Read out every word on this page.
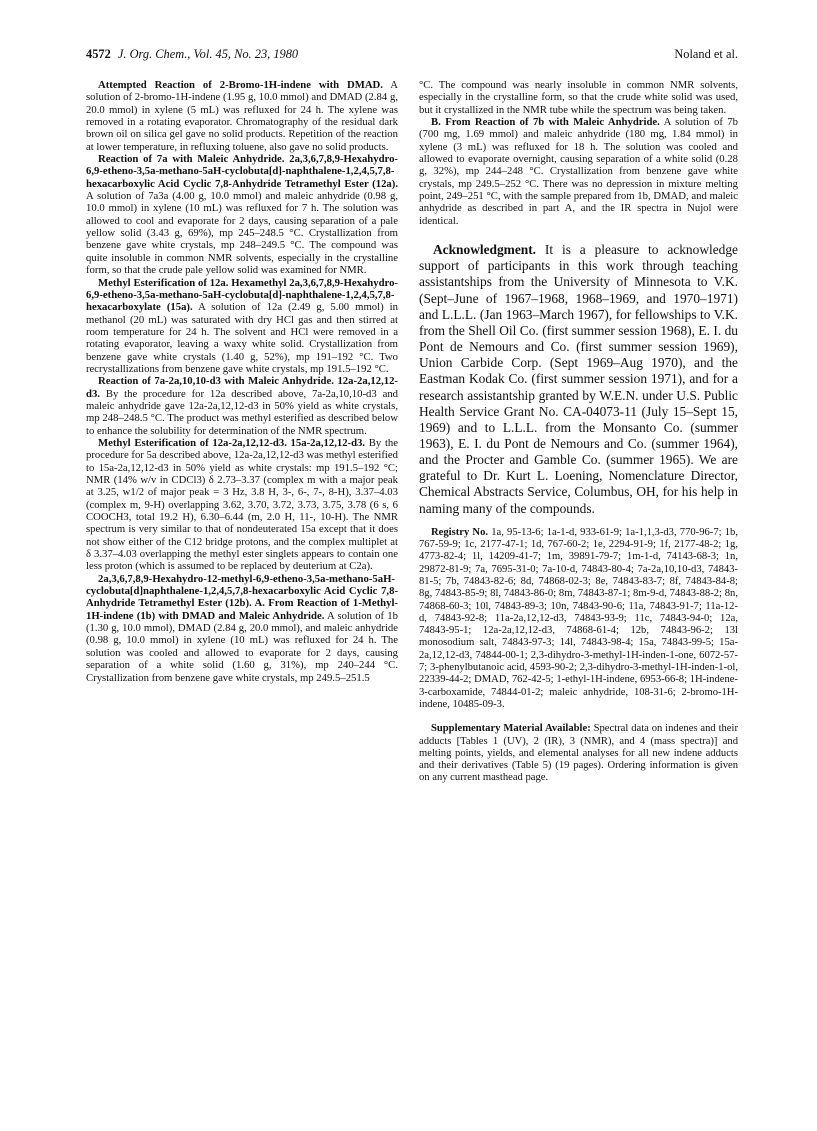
4572 J. Org. Chem., Vol. 45, No. 23, 1980	Noland et al.

Attempted Reaction of 2-Bromo-1H-indene with DMAD. A solution of 2-bromo-1H-indene (1.95 g, 10.0 mmol) and DMAD (2.84 g, 20.0 mmol) in xylene (5 mL) was refluxed for 24 h. The xylene was removed in a rotating evaporator. Chromatography of the residual dark brown oil on silica gel gave no solid products. Repetition of the reaction at lower temperature, in refluxing toluene, also gave no solid products.

Reaction of 7a with Maleic Anhydride. 2a,3,6,7,8,9-Hexahydro-6,9-etheno-3,5a-methano-5aH-cyclobuta[d]-naphthalene-1,2,4,5,7,8-hexacarboxylic Acid Cyclic 7,8-Anhydride Tetramethyl Ester (12a). A solution of 7a3a (4.00 g, 10.0 mmol) and maleic anhydride (0.98 g, 10.0 mmol) in xylene (10 mL) was refluxed for 7 h. The solution was allowed to cool and evaporate for 2 days, causing separation of a pale yellow solid (3.43 g, 69%), mp 245–248.5 °C. Crystallization from benzene gave white crystals, mp 248–249.5 °C. The compound was quite insoluble in common NMR solvents, especially in the crystalline form, so that the crude pale yellow solid was examined for NMR.

Methyl Esterification of 12a. Hexamethyl 2a,3,6,7,8,9-Hexahydro-6,9-etheno-3,5a-methano-5aH-cyclobuta[d]-naphthalene-1,2,4,5,7,8-hexacarboxylate (15a). A solution of 12a (2.49 g, 5.00 mmol) in methanol (20 mL) was saturated with dry HCl gas and then stirred at room temperature for 24 h. The solvent and HCl were removed in a rotating evaporator, leaving a waxy white solid. Crystallization from benzene gave white crystals (1.40 g, 52%), mp 191–192 °C. Two recrystallizations from benzene gave white crystals, mp 191.5–192 °C.

Reaction of 7a-2a,10,10-d3 with Maleic Anhydride. 12a-2a,12,12-d3. By the procedure for 12a described above, 7a-2a,10,10-d3 and maleic anhydride gave 12a-2a,12,12-d3 in 50% yield as white crystals, mp 248–248.5 °C. The product was methyl esterified as described below to enhance the solubility for determination of the NMR spectrum.

Methyl Esterification of 12a-2a,12,12-d3. 15a-2a,12,12-d3. By the procedure for 5a described above, 12a-2a,12,12-d3 was methyl esterified to 15a-2a,12,12-d3 in 50% yield as white crystals: mp 191.5–192 °C; NMR (14% w/v in CDCl3) δ 2.73–3.37 (complex m with a major peak at 3.25, w1/2 of major peak = 3 Hz, 3.8 H, 3-, 6-, 7-, 8-H), 3.37–4.03 (complex m, 9-H) overlapping 3.62, 3.70, 3.72, 3.73, 3.75, 3.78 (6 s, 6 COOCH3, total 19.2 H), 6.30–6.44 (m, 2.0 H, 11-, 10-H). The NMR spectrum is very similar to that of nondeuterated 15a except that it does not show either of the C12 bridge protons, and the complex multiplet at δ 3.37–4.03 overlapping the methyl ester singlets appears to contain one less proton (which is assumed to be replaced by deuterium at C2a).

2a,3,6,7,8,9-Hexahydro-12-methyl-6,9-etheno-3,5a-methano-5aH-cyclobuta[d]naphthalene-1,2,4,5,7,8-hexacarboxylic Acid Cyclic 7,8-Anhydride Tetramethyl Ester (12b). A. From Reaction of 1-Methyl-1H-indene (1b) with DMAD and Maleic Anhydride. A solution of 1b (1.30 g, 10.0 mmol), DMAD (2.84 g, 20.0 mmol), and maleic anhydride (0.98 g, 10.0 mmol) in xylene (10 mL) was refluxed for 24 h. The solution was cooled and allowed to evaporate for 2 days, causing separation of a white solid (1.60 g, 31%), mp 240–244 °C. Crystallization from benzene gave white crystals, mp 249.5–251.5

°C. The compound was nearly insoluble in common NMR solvents, especially in the crystalline form, so that the crude white solid was used, but it crystallized in the NMR tube while the spectrum was being taken.

B. From Reaction of 7b with Maleic Anhydride. A solution of 7b (700 mg, 1.69 mmol) and maleic anhydride (180 mg, 1.84 mmol) in xylene (3 mL) was refluxed for 18 h. The solution was cooled and allowed to evaporate overnight, causing separation of a white solid (0.28 g, 32%), mp 244–248 °C. Crystallization from benzene gave white crystals, mp 249.5–252 °C. There was no depression in mixture melting point, 249–251 °C, with the sample prepared from 1b, DMAD, and maleic anhydride as described in part A, and the IR spectra in Nujol were identical.

Acknowledgment. It is a pleasure to acknowledge support of participants in this work through teaching assistantships from the University of Minnesota to V.K. (Sept–June of 1967–1968, 1968–1969, and 1970–1971) and L.L.L. (Jan 1963–March 1967), for fellowships to V.K. from the Shell Oil Co. (first summer session 1968), E. I. du Pont de Nemours and Co. (first summer session 1969), Union Carbide Corp. (Sept 1969–Aug 1970), and the Eastman Kodak Co. (first summer session 1971), and for a research assistantship granted by W.E.N. under U.S. Public Health Service Grant No. CA-04073-11 (July 15–Sept 15, 1969) and to L.L.L. from the Monsanto Co. (summer 1963), E. I. du Pont de Nemours and Co. (summer 1964), and the Procter and Gamble Co. (summer 1965). We are grateful to Dr. Kurt L. Loening, Nomenclature Director, Chemical Abstracts Service, Columbus, OH, for his help in naming many of the compounds.

Registry No. 1a, 95-13-6; 1a-1-d, 933-61-9; 1a-1,1,3-d3, 770-96-7; 1b, 767-59-9; 1c, 2177-47-1; 1d, 767-60-2; 1e, 2294-91-9; 1f, 2177-48-2; 1g, 4773-82-4; 1l, 14209-41-7; 1m, 39891-79-7; 1m-1-d, 74143-68-3; 1n, 29872-81-9; 7a, 7695-31-0; 7a-10-d, 74843-80-4; 7a-2a,10,10-d3, 74843-81-5; 7b, 74843-82-6; 8d, 74868-02-3; 8e, 74843-83-7; 8f, 74843-84-8; 8g, 74843-85-9; 8l, 74843-86-0; 8m, 74843-87-1; 8m-9-d, 74843-88-2; 8n, 74868-60-3; 10l, 74843-89-3; 10n, 74843-90-6; 11a, 74843-91-7; 11a-12-d, 74843-92-8; 11a-2a,12,12-d3, 74843-93-9; 11c, 74843-94-0; 12a, 74843-95-1; 12a-2a,12,12-d3, 74868-61-4; 12b, 74843-96-2; 13l monosodium salt, 74843-97-3; 14l, 74843-98-4; 15a, 74843-99-5; 15a-2a,12,12-d3, 74844-00-1; 2,3-dihydro-3-methyl-1H-inden-1-one, 6072-57-7; 3-phenylbutanoic acid, 4593-90-2; 2,3-dihydro-3-methyl-1H-inden-1-ol, 22339-44-2; DMAD, 762-42-5; 1-ethyl-1H-indene, 6953-66-8; 1H-indene-3-carboxamide, 74844-01-2; maleic anhydride, 108-31-6; 2-bromo-1H-indene, 10485-09-3.

Supplementary Material Available: Spectral data on indenes and their adducts [Tables 1 (UV), 2 (IR), 3 (NMR), and 4 (mass spectra)] and melting points, yields, and elemental analyses for all new indene adducts and their derivatives (Table 5) (19 pages). Ordering information is given on any current masthead page.
